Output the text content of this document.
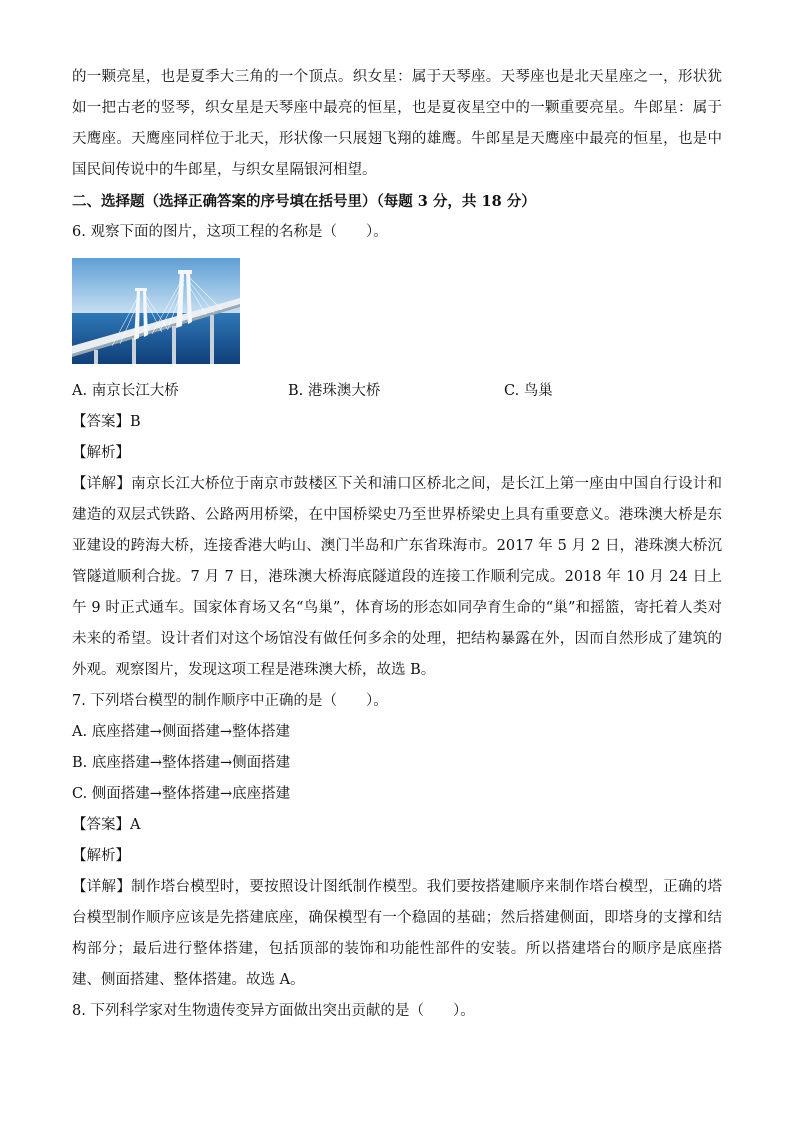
的一颗亮星，也是夏季大三角的一个顶点。织女星：属于天琴座。天琴座也是北天星座之一，形状犹如一把古老的竖琴，织女星是天琴座中最亮的恒星，也是夏夜星空中的一颗重要亮星。牛郎星：属于天鹰座。天鹰座同样位于北天，形状像一只展翅飞翔的雄鹰。牛郎星是天鹰座中最亮的恒星，也是中国民间传说中的牛郎星，与织女星隔银河相望。

二、选择题（选择正确答案的序号填在括号里）（每题 3 分，共 18 分）

6. 观察下面的图片，这项工程的名称是（　　）。

A. 南京长江大桥	B. 港珠澳大桥	C. 鸟巢

【答案】B

【解析】

【详解】南京长江大桥位于南京市鼓楼区下关和浦口区桥北之间，是长江上第一座由中国自行设计和建造的双层式铁路、公路两用桥梁，在中国桥梁史乃至世界桥梁史上具有重要意义。港珠澳大桥是东亚建设的跨海大桥，连接香港大屿山、澳门半岛和广东省珠海市。2017 年 5 月 2 日，港珠澳大桥沉管隧道顺利合拢。7 月 7 日，港珠澳大桥海底隧道段的连接工作顺利完成。2018 年 10 月 24 日上午 9 时正式通车。国家体育场又名“鸟巢”，体育场的形态如同孕育生命的“巢”和摇篮，寄托着人类对未来的希望。设计者们对这个场馆没有做任何多余的处理，把结构暴露在外，因而自然形成了建筑的外观。观察图片，发现这项工程是港珠澳大桥，故选 B。

7. 下列塔台模型的制作顺序中正确的是（　　）。

A. 底座搭建→侧面搭建→整体搭建

B. 底座搭建→整体搭建→侧面搭建

C. 侧面搭建→整体搭建→底座搭建

【答案】A

【解析】

【详解】制作塔台模型时，要按照设计图纸制作模型。我们要按搭建顺序来制作塔台模型，正确的塔台模型制作顺序应该是先搭建底座，确保模型有一个稳固的基础；然后搭建侧面，即塔身的支撑和结构部分；最后进行整体搭建，包括顶部的装饰和功能性部件的安装。所以搭建塔台的顺序是底座搭建、侧面搭建、整体搭建。故选 A。

8. 下列科学家对生物遗传变异方面做出突出贡献的是（　　）。
